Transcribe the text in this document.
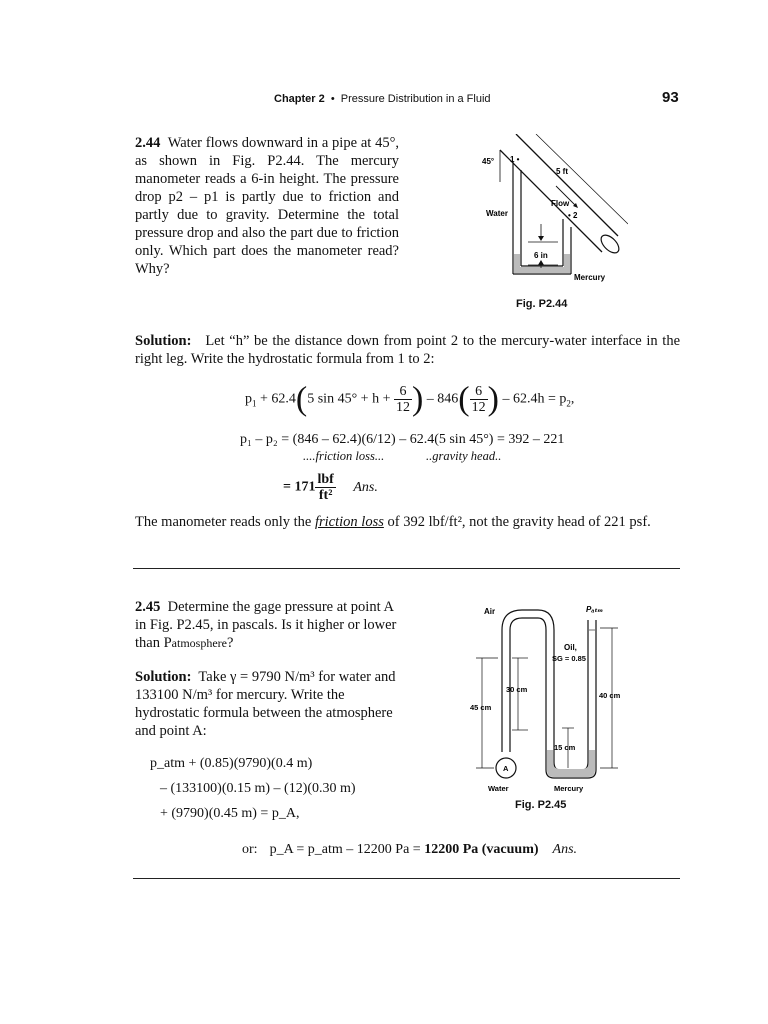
Chapter 2 • Pressure Distribution in a Fluid	93
2.44 Water flows downward in a pipe at 45°, as shown in Fig. P2.44. The mercury manometer reads a 6-in height. The pressure drop p2 – p1 is partly due to friction and partly due to gravity. Determine the total pressure drop and also the part due to friction only. Which part does the manometer read? Why?
45° 1 •
5 ft
Flow
• 2
Water
6 in
Mercury
Fig. P2.44
Solution: Let “h” be the distance down from point 2 to the mercury-water interface in the right leg. Write the hydrostatic formula from 1 to 2:
$p_1 + 62.4(5$ $\sin 45^\circ + h + \frac{6}{12}$ ) – $846( \frac{6}{12}$ ) – $62.4h = p_2$,
p₁ – p₂ = (846 – 62.4)(6/12) – 62.4(5 sin 45°) = 392 – 221
....friction loss...	..gravity head..
= $171 \frac{\text{lbf}}{\text{ft²}}$ Ans.
The manometer reads only the friction loss of 392 lbf/ft², not the gravity head of 221 psf.
2.45 Determine the gage pressure at point A in Fig. P2.45, in pascals. Is it higher or lower than Patmosphere?
Solution: Take γ = 9790 N/m³ for water and 133100 N/m³ for mercury. Write the hydrostatic formula between the atmosphere and point A:
p_atm + (0.85)(9790)(0.4 m)
– (133100)(0.15 m) – (12)(0.30 m)
+ (9790)(0.45 m) = p_A,
Air	Pₐₜₘ
Oil,
SG = 0.85
30 cm
45 cm
40 cm
15 cm
A
Water	Mercury
Fig. P2.45
or: p_A = p_atm – 12200 Pa = 12200 Pa (vacuum) Ans.
